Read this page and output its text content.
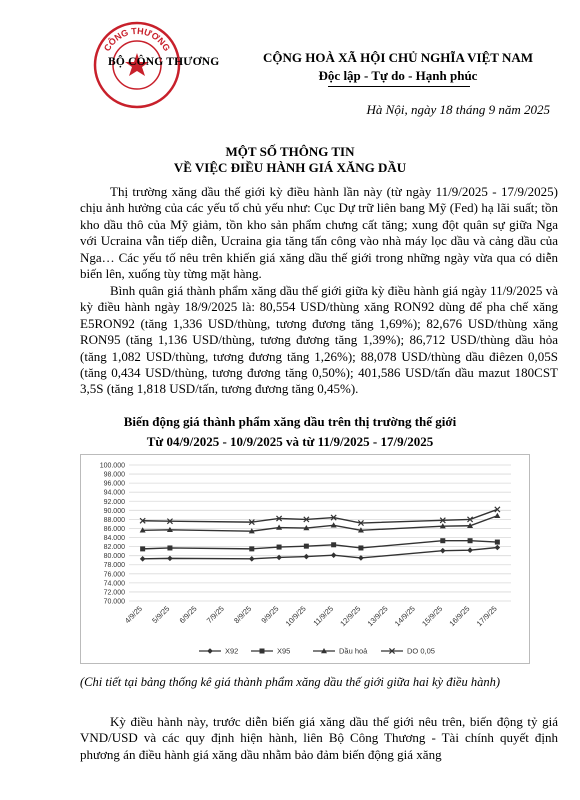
CÔNG THƯƠNG
BỘ CÔNG THƯƠNG	CỘNG HOÀ XÃ HỘI CHỦ NGHĨA VIỆT NAM
Độc lập - Tự do - Hạnh phúc
Hà Nội, ngày 18 tháng 9 năm 2025
MỘT SỐ THÔNG TIN
VỀ VIỆC ĐIỀU HÀNH GIÁ XĂNG DẦU

Thị trường xăng dầu thế giới kỳ điều hành lần này (từ ngày 11/9/2025 - 17/9/2025) chịu ảnh hưởng của các yếu tố chủ yếu như: Cục Dự trữ liên bang Mỹ (Fed) hạ lãi suất; tồn kho dầu thô của Mỹ giảm, tồn kho sản phẩm chưng cất tăng; xung đột quân sự giữa Nga với Ucraina vẫn tiếp diễn, Ucraina gia tăng tấn công vào nhà máy lọc dầu và cảng dầu của Nga… Các yếu tố nêu trên khiến giá xăng dầu thế giới trong những ngày vừa qua có diễn biến lên, xuống tùy từng mặt hàng.

Bình quân giá thành phẩm xăng dầu thế giới giữa kỳ điều hành giá ngày 11/9/2025 và kỳ điều hành ngày 18/9/2025 là: 80,554 USD/thùng xăng RON92 dùng để pha chế xăng E5RON92 (tăng 1,336 USD/thùng, tương đương tăng 1,69%); 82,676 USD/thùng xăng RON95 (tăng 1,136 USD/thùng, tương đương tăng 1,39%); 86,712 USD/thùng dầu hỏa (tăng 1,082 USD/thùng, tương đương tăng 1,26%); 88,078 USD/thùng dầu điêzen 0,05S (tăng 0,434 USD/thùng, tương đương tăng 0,50%); 401,586 USD/tấn dầu mazut 180CST 3,5S (tăng 1,818 USD/tấn, tương đương tăng 0,45%).

Biến động giá thành phẩm xăng dầu trên thị trường thế giới
Từ 04/9/2025 - 10/9/2025 và từ 11/9/2025 - 17/9/2025
100.000
98.000
96.000
94.000
92.000
90.000
88.000
86.000
84.000
82.000
80.000
78.000
76.000
74.000
72.000
70.000
4/9/25 5/9/25 6/9/25 7/9/25 8/9/25 9/9/25 10/9/25 11/9/25 12/9/25 13/9/25 14/9/25 15/9/25 16/9/25 17/9/25
X92	X95	Dầu hoả	DO 0,05
(Chi tiết tại bảng thống kê giá thành phẩm xăng dầu thế giới giữa hai kỳ điều hành)

Kỳ điều hành này, trước diễn biến giá xăng dầu thế giới nêu trên, biến động tỷ giá VND/USD và các quy định hiện hành, liên Bộ Công Thương - Tài chính quyết định phương án điều hành giá xăng dầu nhằm bảo đảm biến động giá xăng
